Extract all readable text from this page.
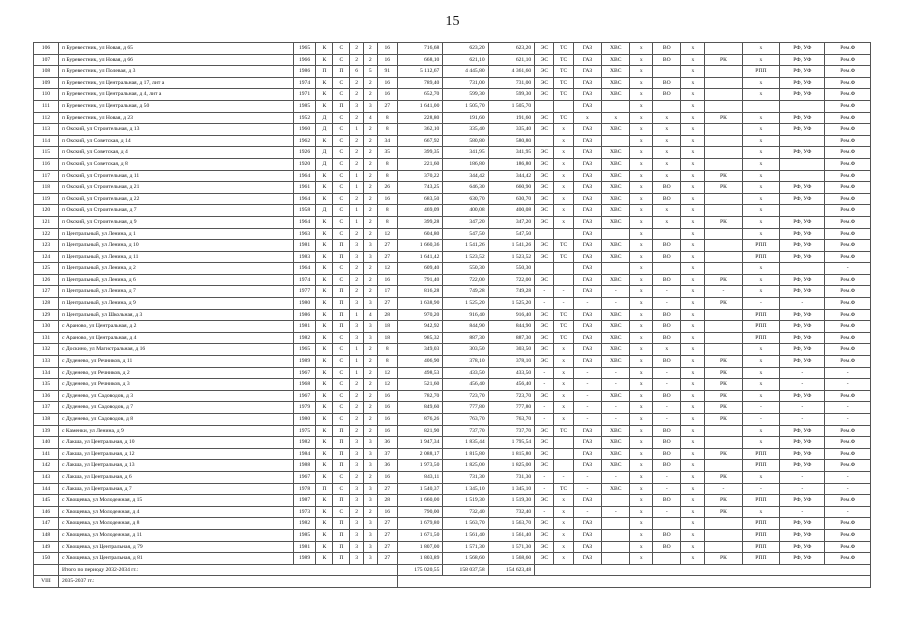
15
106	п Буревестник, ул Новая, д 65	1965	К	С	2	2	16	716,68	623,20	623,20	ЭС	ТС	ГАЗ	ХВС	х	ВО	х		х	РФ, УФ	Рем.Ф
107	п Буревестник, ул Новая, д 66	1966	К	С	2	2	16	668,10	621,10	621,10	ЭС	ТС	ГАЗ	ХВС	х	ВО	х	РК	х	РФ, УФ	Рем.Ф
108	п Буревестник, ул Полевая, д 3	1986	П	П	6	5	91	5 112,67	4 445,80	4 361,60	ЭС	ТС	ГАЗ	ХВС	х		х		РПП	РФ, УФ	Рем.Ф
109	п Буревестник, ул Центральная, д 17, лит а	1974	К	С	2	2	16	789,40	731,00	731,00	ЭС	ТС	ГАЗ	ХВС	х	ВО	х		х	РФ, УФ	Рем.Ф
110	п Буревестник, ул Центральная, д 4, лит а	1971	К	С	2	2	16	652,70	599,30	599,30	ЭС	ТС	ГАЗ	ХВС	х	ВО	х		х	РФ, УФ	Рем.Ф
111	п Буревестник, ул Центральная, д 50	1985	К	П	3	3	27	1 641,00	1 505,70	1 505,70			ГАЗ		х		х				Рем.Ф
112	п Буревестник, ул Новая, д 23	1952	Д	С	2	4	8	228,80	191,60	191,60	ЭС	ТС	х	х	х	х	х	РК	х	РФ, УФ	Рем.Ф
113	п Окский, ул Строительная, д 13	1960	Д	С	1	2	8	362,10	335,40	335,40	ЭС	х	ГАЗ	ХВС	х	х	х		х	РФ, УФ	Рем.Ф
114	п Окский, ул Советская, д 14	1962	К	С	2	2	34	667,92	580,80	580,80		х	ГАЗ		х	х	х		х		Рем.Ф
115	п Окский, ул Советская, д 4	1926	Д	С	2	2	35	399,35	341,95	341,95	ЭС	х	ГАЗ	ХВС	х	х	х		х	РФ, УФ	Рем.Ф
116	п Окский, ул Советская, д 8	1920	Д	С	2	2	8	221,60	186,80	186,80	ЭС	х	ГАЗ	ХВС	х	х	х		х		Рем.Ф
117	п Окский, ул Строительная, д 11	1964	К	С	1	2	8	370,22	344,42	344,42	ЭС	х	ГАЗ	ХВС	х	х	х	РК	х		Рем.Ф
118	п Окский, ул Строительная, д 21	1961	К	С	1	2	26	743,25	646,30	660,90	ЭС	х	ГАЗ	ХВС	х	ВО	х	РК	х	РФ, УФ	Рем.Ф
119	п Окский, ул Строительная, д 22	1964	К	С	2	2	16	683,50	630,70	630,70	ЭС	х	ГАЗ	ХВС	х	ВО	х		х	РФ, УФ	Рем.Ф
120	п Окский, ул Строительная, д 7	1958	Д	С	1	2	8	469,09	400,08	400,08	ЭС	х	ГАЗ	ХВС	х	х	х		х		Рем.Ф
121	п Окский, ул Строительная, д 9	1964	К	С	1	2	8	399,28	347,20	347,20	ЭС	х	ГАЗ	ХВС	х	х	х	РК	х	РФ, УФ	Рем.Ф
122	п Центральный, ул Ленина, д 1	1963	К	С	2	2	12	604,80	547,50	547,50			ГАЗ		х		х		х	РФ, УФ	Рем.Ф
123	п Центральный, ул Ленина, д 10	1981	К	П	3	3	27	1 660,36	1 541,26	1 541,26	ЭС	ТС	ГАЗ	ХВС	х	ВО	х		РПП	РФ, УФ	Рем.Ф
124	п Центральный, ул Ленина, д 11	1983	К	П	3	3	27	1 641,42	1 523,52	1 523,52	ЭС	ТС	ГАЗ	ХВС	х	ВО	х		РПП	РФ, УФ	Рем.Ф
125	п Центральный, ул Ленина, д 2	1964	К	С	2	2	12	609,40	550,30	550,30			ГАЗ		х		х		х		-
126	п Центральный, ул Ленина, д 6	1974	К	С	2	2	16	791,40	722,00	722,00	ЭС		ГАЗ	ХВС	х	ВО	х	РК	х	РФ, УФ	Рем.Ф
127	п Центральный, ул Ленина, д 7	1977	К	П	2	2	17	816,28	749,28	749,28	-	-	ГАЗ	-	х	-	х	-	х	РФ, УФ	Рем.Ф
128	п Центральный, ул Ленина, д 9	1980	К	П	3	3	27	1 638,90	1 525,20	1 525,20	-	-	-	-	х	-	х	РК	-	-	Рем.Ф
129	п Центральный, ул Школьная, д 3	1986	К	П	1	4	28	970,20	916,40	916,40	ЭС	ТС	ГАЗ	ХВС	х	ВО	х		РПП	РФ, УФ	Рем.Ф
130	с Араново, ул Центральная, д 2	1981	К	П	3	3	18	942,92	844,90	844,90	ЭС	ТС	ГАЗ	ХВС	х	ВО	х		РПП	РФ, УФ	Рем.Ф
131	с Араново, ул Центральная, д 4	1982	К	С	3	3	18	985,32	887,30	887,30	ЭС	ТС	ГАЗ	ХВС	х	ВО	х		РПП	РФ, УФ	Рем.Ф
132	с Доскино, ул Магистральная, д 16	1965	К	С	1	2	8	349,03	303,50	303,50	ЭС	х	ГАЗ	ХВС	х	х	х		х	РФ, УФ	Рем.Ф
133	с Дуденево, ул Речников, д 11	1989	К	С	1	2	8	406,90	378,10	378,10	ЭС	х	ГАЗ	ХВС	х	ВО	х	РК	х	РФ, УФ	Рем.Ф
134	с Дуденево, ул Речников, д 2	1967	К	С	1	2	12	498,53	433,50	433,50	-	х	-	-	х	-	х	РК	х	-	-
135	с Дуденево, ул Речников, д 3	1968	К	С	2	2	12	521,60	456,40	456,40	-	х	-	-	х	-	х	РК	х	-	-
136	с Дуденево, ул Садоводов, д 3	1967	К	С	2	2	16	782,70	723,70	723,70	ЭС	х	-	ХВС	х	ВО	х	РК	х	РФ, УФ	Рем.Ф
137	с Дуденево, ул Садоводов, д 7	1979	К	С	2	2	16	849,60	777,80	777,80	-	х	-	-	х	-	х	РК	-	-	-
138	с Дуденево, ул Садоводов, д 8	1980	К	С	2	2	16	876,26	763,70	763,70	-	х	-	-	х	-	х	РК	-	-	-
139	с Каменки, ул Ленина, д 9	1975	К	П	2	2	16	821,90	737,70	737,70	ЭС	ТС	ГАЗ	ХВС	х	ВО	х		х	РФ, УФ	Рем.Ф
140	с Лакша, ул Центральная, д 10	1982	К	П	3	3	36	1 947,34	1 835,44	1 795,54	ЭС		ГАЗ	ХВС	х	ВО	х		х	РФ, УФ	Рем.Ф
141	с Лакша, ул Центральная, д 12	1984	К	П	3	3	37	2 088,17	1 815,80	1 815,80	ЭС		ГАЗ	ХВС	х	ВО	х	РК	РПП	РФ, УФ	Рем.Ф
142	с Лакша, ул Центральная, д 13	1988	К	П	3	3	36	1 973,50	1 825,00	1 825,00	ЭС		ГАЗ	ХВС	х	ВО	х		РПП	РФ, УФ	Рем.Ф
143	с Лакша, ул Центральная, д 6	1967	К	С	2	2	16	843,11	731,30	731,30	-	-	-	-	х	-	х	РК	х	-	-
144	с Лакша, ул Центральная, д 7	1978	П	С	3	3	27	1 540,37	1 345,10	1 345,10	-	ТС	-	ХВС	х	-	х	-	-	-	-
145	с Хвощевка, ул Молодежная, д 15	1987	К	П	3	3	28	1 660,00	1 519,30	1 519,30	ЭС	х	ГАЗ		х	ВО	х	РК	РПП	РФ, УФ	Рем.Ф
146	с Хвощевка, ул Молодежная, д 4	1973	К	С	2	2	16	790,00	732,40	732,40	-	х	-	-	х	-	х	РК	х	-	-
147	с Хвощевка, ул Молодежная, д 8	1982	К	П	3	3	27	1 679,80	1 563,70	1 563,70	ЭС	х	ГАЗ		х		х		РПП	РФ, УФ	Рем.Ф
148	с Хвощевка, ул Молодежная, д 11	1985	К	П	3	3	27	1 671,50	1 561,40	1 561,40	ЭС	х	ГАЗ		х	ВО	х		РПП	РФ, УФ	Рем.Ф
149	с Хвощевка, ул Центральная, д 79	1981	К	П	3	3	27	1 807,00	1 571,30	1 571,30	ЭС	х	ГАЗ		х	ВО	х		РПП	РФ, УФ	Рем.Ф
150	с Хвощевка, ул Центральная, д 81	1989	К	П	3	3	27	1 803,89	1 568,60	1 568,60	ЭС	х	ГАЗ		х		х	РК	РПП	РФ, УФ	Рем.Ф
	Итого по периоду 2032-2034 гг.:							175 020,55	158 037,58	154 623,48											
VIII	2035-2037 гг.:																				
